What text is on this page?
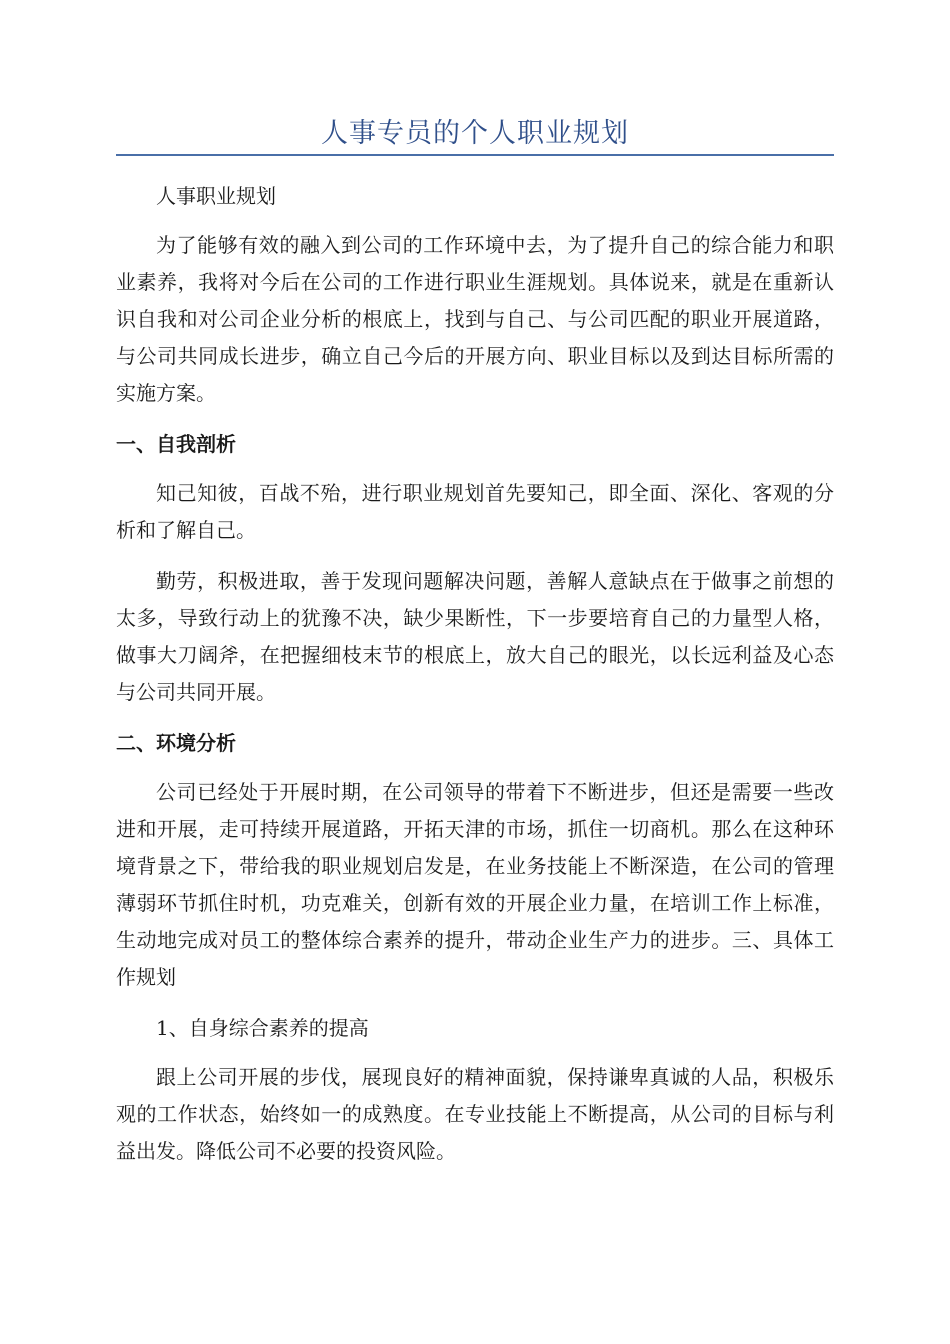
人事专员的个人职业规划

人事职业规划

为了能够有效的融入到公司的工作环境中去，为了提升自己的综合能力和职业素养，我将对今后在公司的工作进行职业生涯规划。具体说来，就是在重新认识自我和对公司企业分析的根底上，找到与自己、与公司匹配的职业开展道路，与公司共同成长进步，确立自己今后的开展方向、职业目标以及到达目标所需的实施方案。

一、自我剖析

知己知彼，百战不殆，进行职业规划首先要知己，即全面、深化、客观的分析和了解自己。

勤劳，积极进取，善于发现问题解决问题，善解人意缺点在于做事之前想的太多，导致行动上的犹豫不决，缺少果断性，下一步要培育自己的力量型人格，做事大刀阔斧，在把握细枝末节的根底上，放大自己的眼光，以长远利益及心态与公司共同开展。

二、环境分析

公司已经处于开展时期，在公司领导的带着下不断进步，但还是需要一些改进和开展，走可持续开展道路，开拓天津的市场，抓住一切商机。那么在这种环境背景之下，带给我的职业规划启发是，在业务技能上不断深造，在公司的管理薄弱环节抓住时机，功克难关，创新有效的开展企业力量，在培训工作上标准，生动地完成对员工的整体综合素养的提升，带动企业生产力的进步。三、具体工作规划

1、自身综合素养的提高

跟上公司开展的步伐，展现良好的精神面貌，保持谦卑真诚的人品，积极乐观的工作状态，始终如一的成熟度。在专业技能上不断提高，从公司的目标与利益出发。降低公司不必要的投资风险。
